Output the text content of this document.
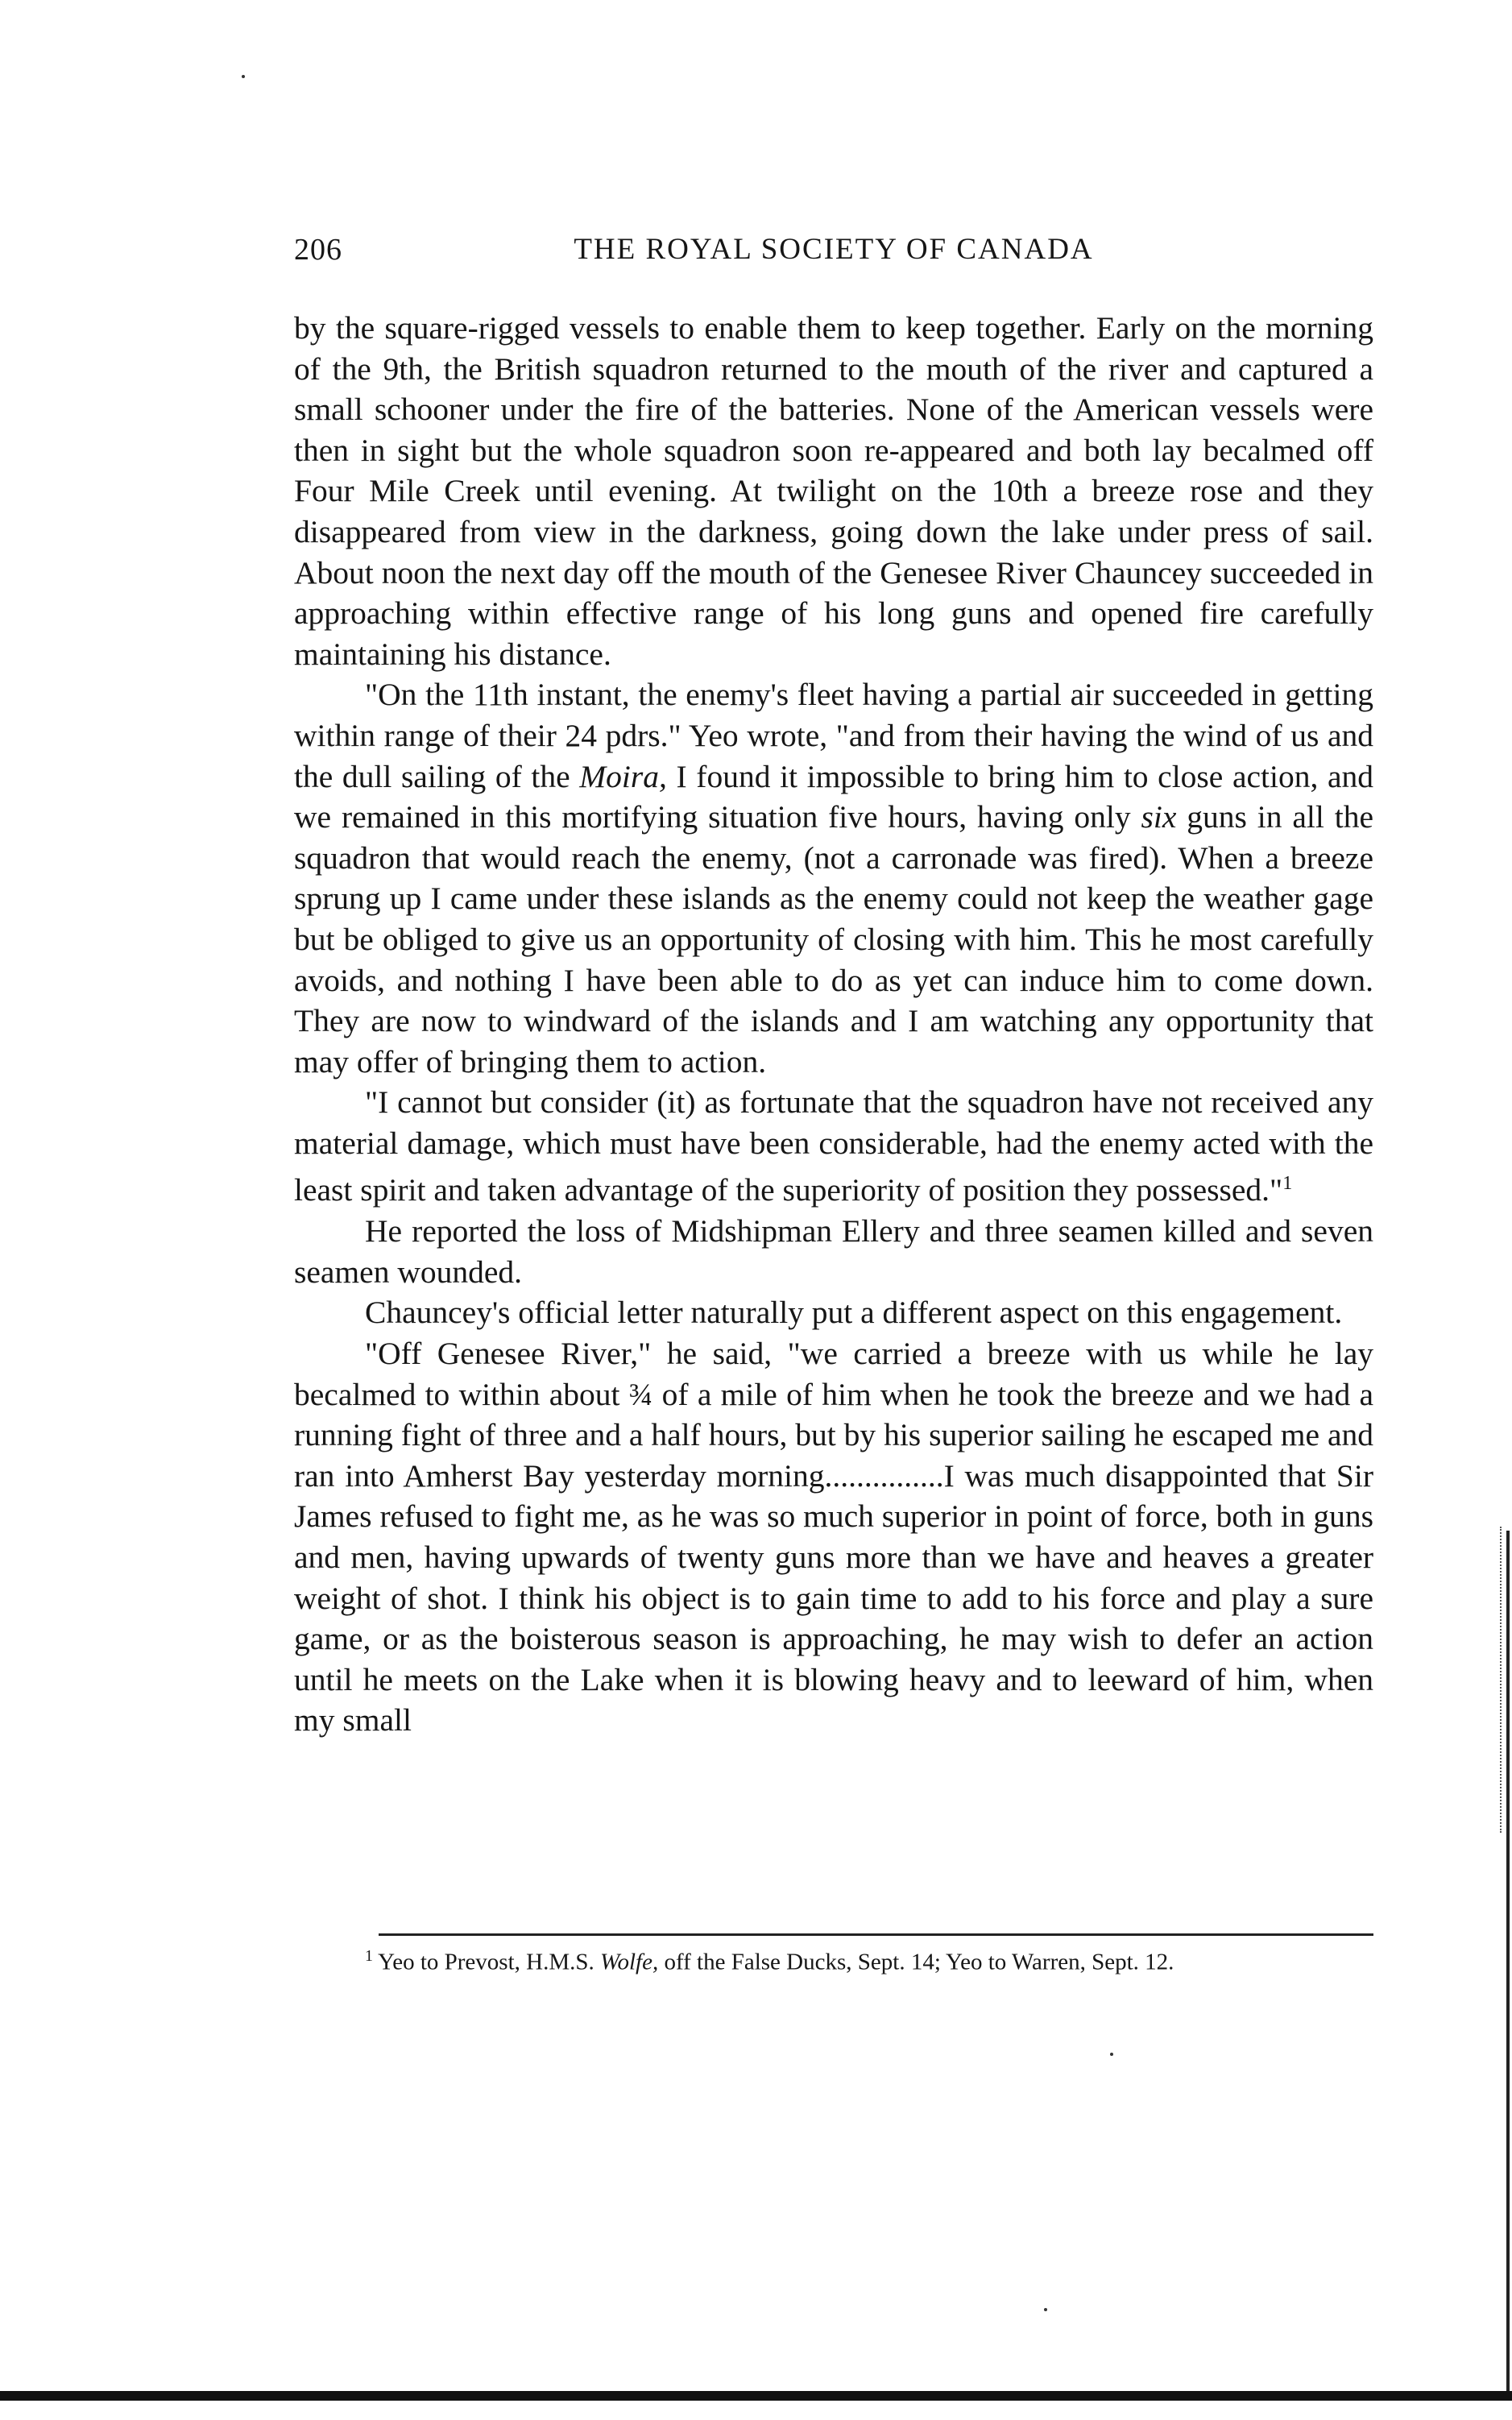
206	THE ROYAL SOCIETY OF CANADA

by the square-rigged vessels to enable them to keep together. Early on the morning of the 9th, the British squadron returned to the mouth of the river and captured a small schooner under the fire of the batteries. None of the American vessels were then in sight but the whole squadron soon re-appeared and both lay becalmed off Four Mile Creek until evening. At twilight on the 10th a breeze rose and they disappeared from view in the darkness, going down the lake under press of sail. About noon the next day off the mouth of the Genesee River Chauncey succeeded in approaching within effective range of his long guns and opened fire carefully maintaining his distance.

"On the 11th instant, the enemy's fleet having a partial air succeeded in getting within range of their 24 pdrs." Yeo wrote, "and from their having the wind of us and the dull sailing of the Moira, I found it impossible to bring him to close action, and we remained in this mortifying situation five hours, having only six guns in all the squadron that would reach the enemy, (not a carronade was fired). When a breeze sprung up I came under these islands as the enemy could not keep the weather gage but be obliged to give us an opportunity of closing with him. This he most carefully avoids, and nothing I have been able to do as yet can induce him to come down. They are now to windward of the islands and I am watching any opportunity that may offer of bringing them to action.

"I cannot but consider (it) as fortunate that the squadron have not received any material damage, which must have been considerable, had the enemy acted with the least spirit and taken advantage of the superiority of position they possessed."$^1$

He reported the loss of Midshipman Ellery and three seamen killed and seven seamen wounded.

Chauncey's official letter naturally put a different aspect on this engagement.

"Off Genesee River," he said, "we carried a breeze with us while he lay becalmed to within about ¾ of a mile of him when he took the breeze and we had a running fight of three and a half hours, but by his superior sailing he escaped me and ran into Amherst Bay yesterday morning...............I was much disappointed that Sir James refused to fight me, as he was so much superior in point of force, both in guns and men, having upwards of twenty guns more than we have and heaves a greater weight of shot. I think his object is to gain time to add to his force and play a sure game, or as the boisterous season is approaching, he may wish to defer an action until he meets on the Lake when it is blowing heavy and to leeward of him, when my small

$^1$ Yeo to Prevost, H.M.S. Wolfe, off the False Ducks, Sept. 14; Yeo to Warren, Sept. 12.
